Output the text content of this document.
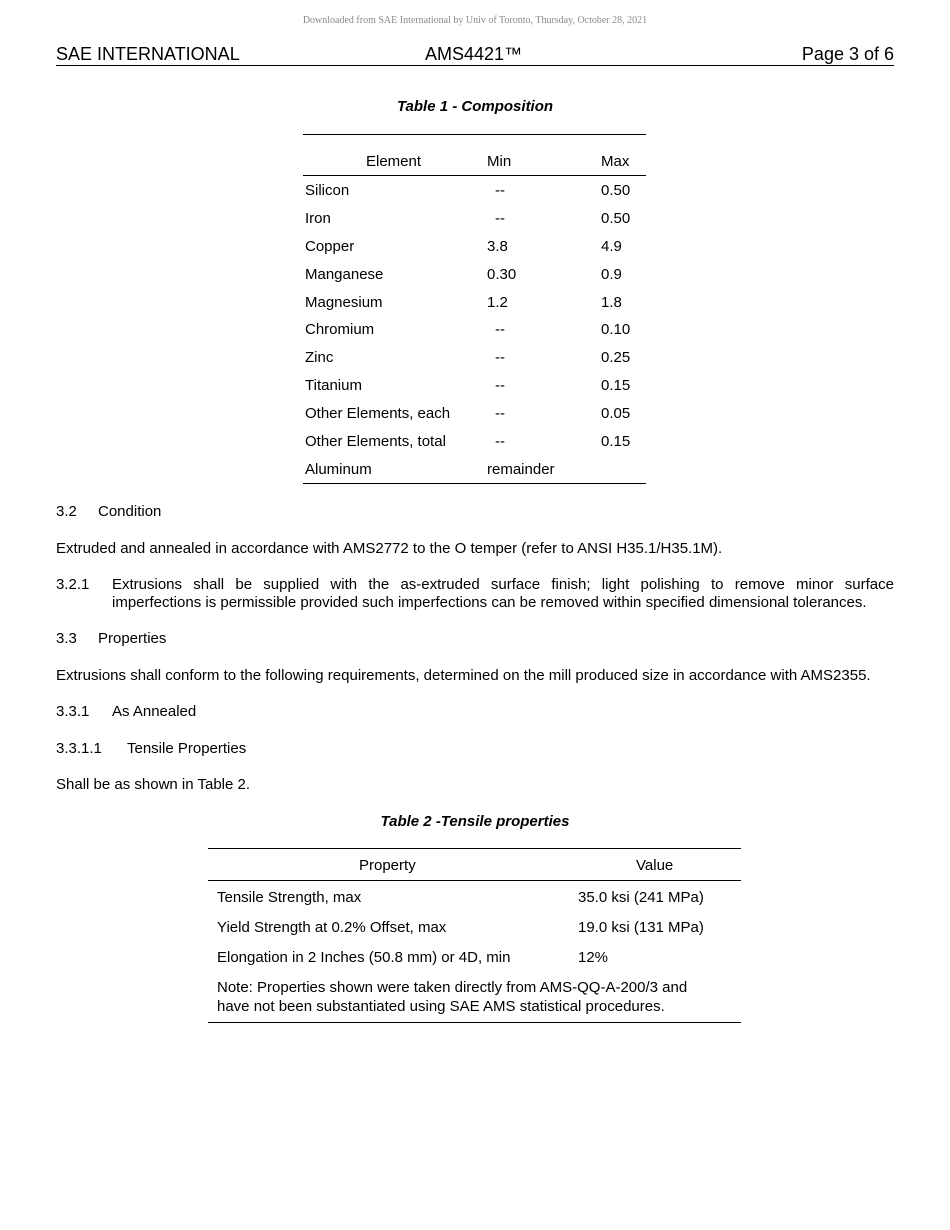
Downloaded from SAE International by Univ of Toronto, Thursday, October 28, 2021
SAE INTERNATIONAL	AMS4421™	Page 3 of 6
Table 1 - Composition
Element	Min	Max
Silicon	--	0.50
Iron	--	0.50
Copper	3.8	4.9
Manganese	0.30	0.9
Magnesium	1.2	1.8
Chromium	--	0.10
Zinc	--	0.25
Titanium	--	0.15
Other Elements, each	--	0.05
Other Elements, total	--	0.15
Aluminum	remainder
3.2 Condition
Extruded and annealed in accordance with AMS2772 to the O temper (refer to ANSI H35.1/H35.1M).
3.2.1 Extrusions shall be supplied with the as-extruded surface finish; light polishing to remove minor surface
imperfections is permissible provided such imperfections can be removed within specified dimensional tolerances.
3.3 Properties
Extrusions shall conform to the following requirements, determined on the mill produced size in accordance with AMS2355.
3.3.1 As Annealed
3.3.1.1 Tensile Properties
Shall be as shown in Table 2.
Table 2 -Tensile properties
Property	Value
Tensile Strength, max	35.0 ksi (241 MPa)
Yield Strength at 0.2% Offset, max	19.0 ksi (131 MPa)
Elongation in 2 Inches (50.8 mm) or 4D, min	12%
Note: Properties shown were taken directly from AMS-QQ-A-200/3 and have not been substantiated using SAE AMS statistical procedures.
